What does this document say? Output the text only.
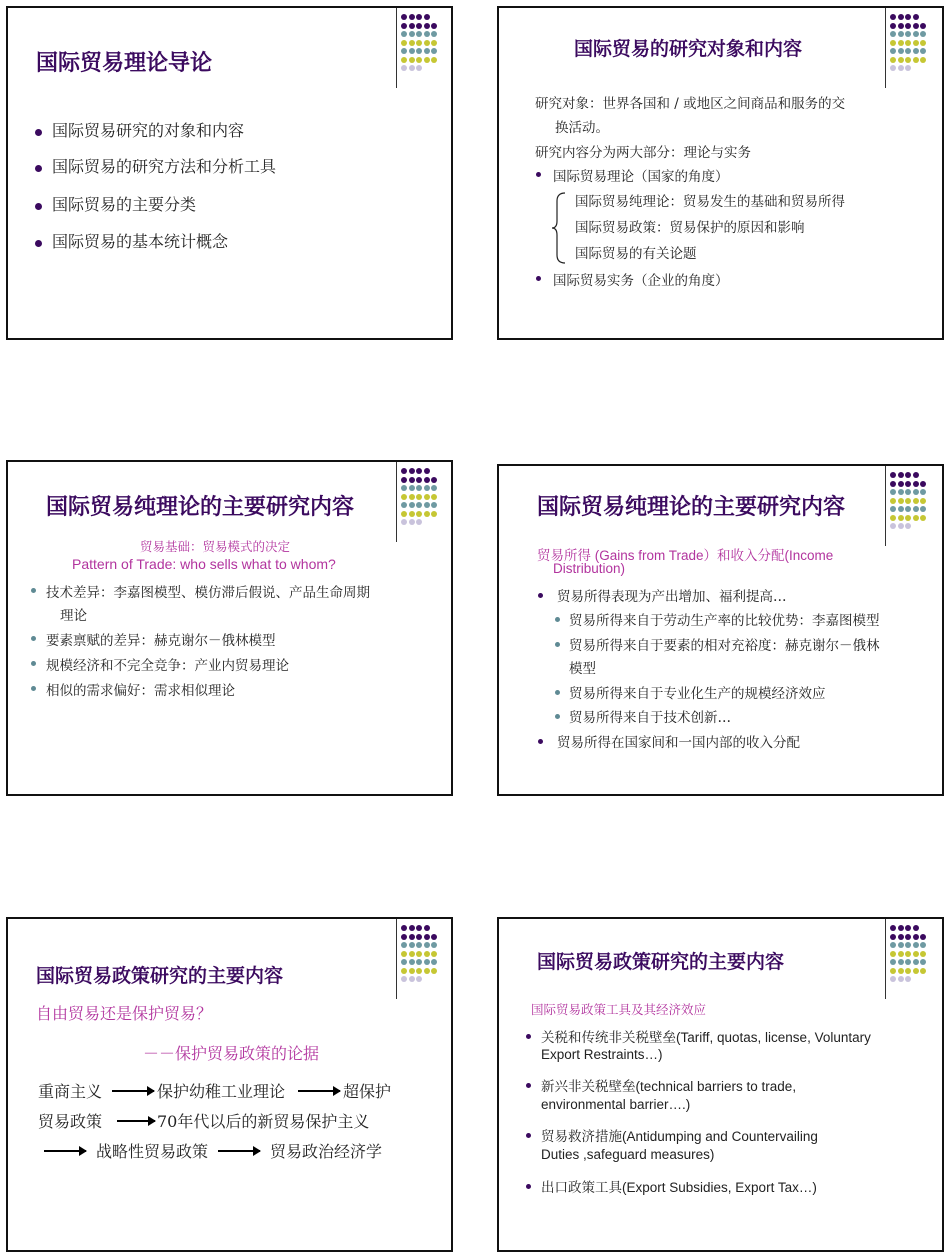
国际贸易理论导论
国际贸易研究的对象和内容
国际贸易的研究方法和分析工具
国际贸易的主要分类
国际贸易的基本统计概念
国际贸易的研究对象和内容
研究对象：世界各国和 / 或地区之间商品和服务的交
换活动。
研究内容分为两大部分：理论与实务
国际贸易理论（国家的角度）
国际贸易纯理论：贸易发生的基础和贸易所得
国际贸易政策：贸易保护的原因和影响
国际贸易的有关论题
国际贸易实务（企业的角度）
国际贸易纯理论的主要研究内容
贸易基础：贸易模式的决定
Pattern of Trade: who sells what to whom?
技术差异：李嘉图模型、模仿滞后假说、产品生命周期
理论
要素禀赋的差异：赫克谢尔－俄林模型
规模经济和不完全竞争：产业内贸易理论
相似的需求偏好：需求相似理论
国际贸易纯理论的主要研究内容
贸易所得 (Gains from Trade）和收入分配(Income
Distribution)
贸易所得表现为产出增加、福利提高…
贸易所得来自于劳动生产率的比较优势：李嘉图模型
贸易所得来自于要素的相对充裕度：赫克谢尔－俄林
模型
贸易所得来自于专业化生产的规模经济效应
贸易所得来自于技术创新…
贸易所得在国家间和一国内部的收入分配
国际贸易政策研究的主要内容
自由贸易还是保护贸易？
－－保护贸易政策的论据
重商主义	保护幼稚工业理论	超保护
贸易政策	70年代以后的新贸易保护主义
战略性贸易政策	贸易政治经济学
国际贸易政策研究的主要内容
国际贸易政策工具及其经济效应
关税和传统非关税壁垒(Tariff, quotas, license, Voluntary
Export Restraints…)
新兴非关税壁垒(technical barriers to trade,
environmental barrier….)
贸易救济措施(Antidumping and Countervailing
Duties ,safeguard measures)
出口政策工具(Export Subsidies, Export Tax…)
